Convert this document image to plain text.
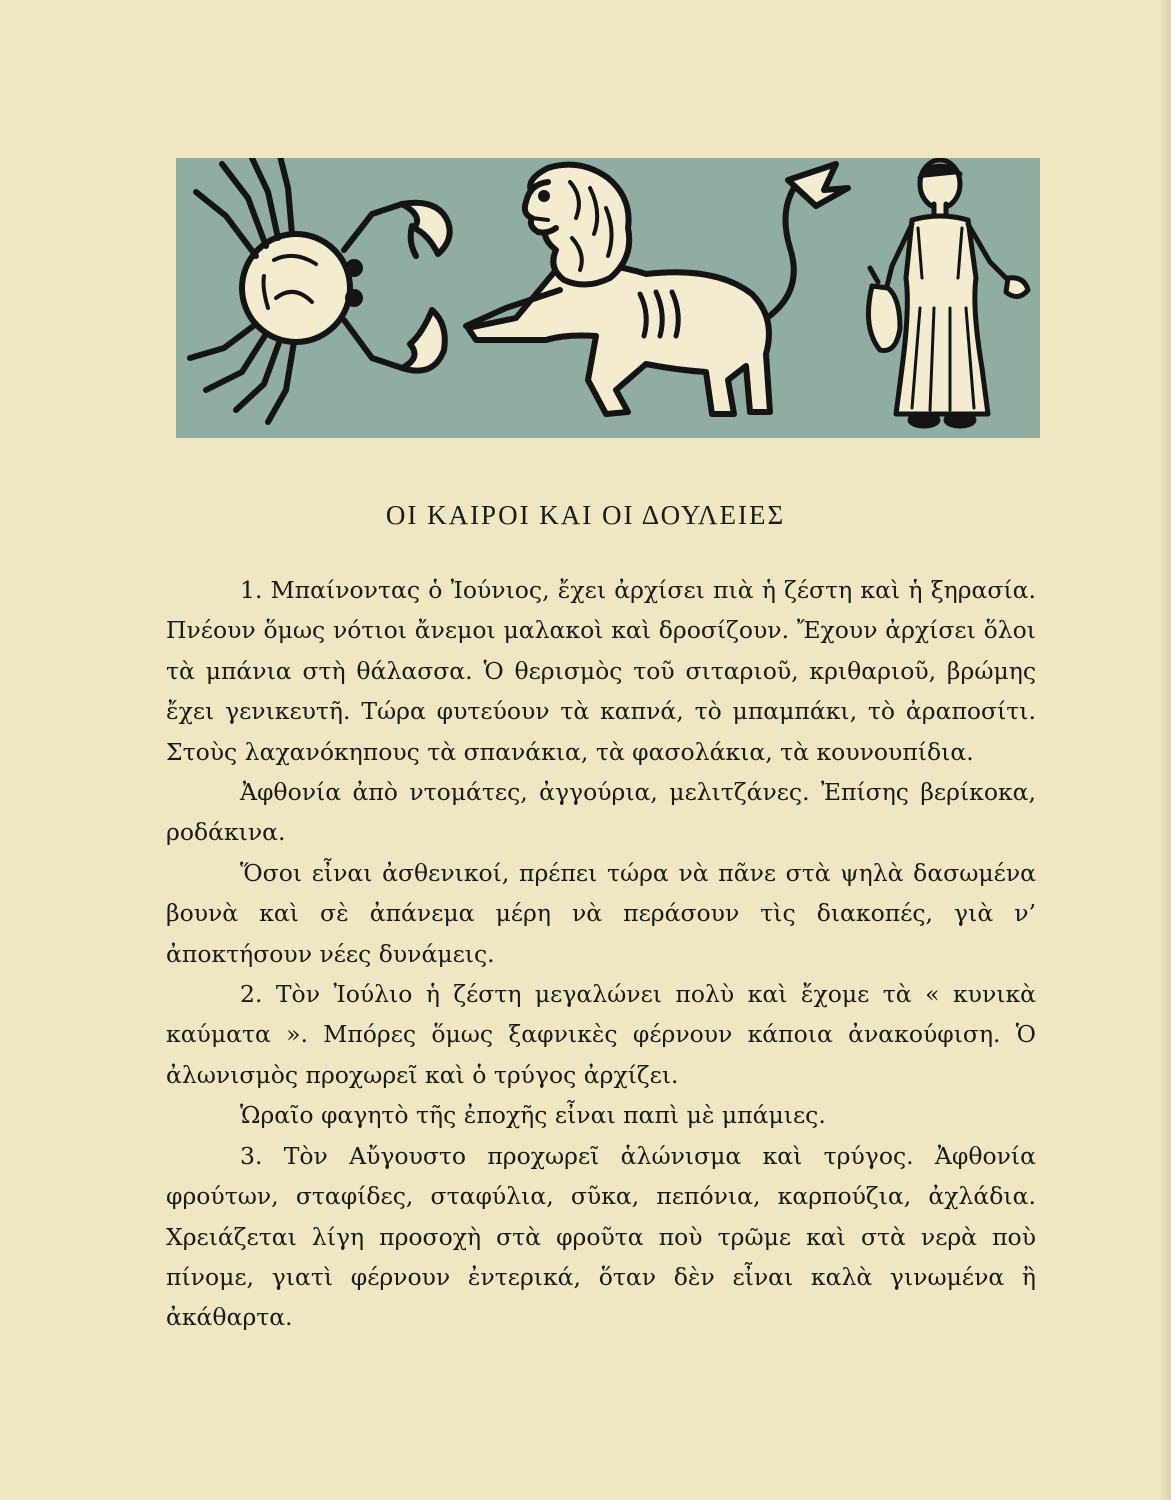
ΟΙ ΚΑΙΡΟΙ ΚΑΙ ΟΙ ΔΟΥΛΕΙΕΣ

1. Μπαίνοντας ὁ Ἰούνιος, ἔχει ἀρχίσει πιὰ ἡ ζέστη καὶ ἡ ξηρασία. Πνέουν ὅμως νότιοι ἄνεμοι μαλακοὶ καὶ δροσίζουν. Ἔχουν ἀρχίσει ὅλοι τὰ μπάνια στὴ θάλασσα. Ὁ θερισμὸς τοῦ σιταριοῦ, κριθαριοῦ, βρώμης ἔχει γενικευτῆ. Τώρα φυτεύουν τὰ καπνά, τὸ μπαμπάκι, τὸ ἀραποσίτι. Στοὺς λαχανόκηπους τὰ σπανάκια, τὰ φασολάκια, τὰ κουνουπίδια.

Ἀφθονία ἀπὸ ντομάτες, ἀγγούρια, μελιτζάνες. Ἐπίσης βερίκοκα, ροδάκινα.

Ὅσοι εἶναι ἀσθενικοί, πρέπει τώρα νὰ πᾶνε στὰ ψηλὰ δασωμένα βουνὰ καὶ σὲ ἀπάνεμα μέρη νὰ περάσουν τὶς διακοπές, γιὰ ν’ ἀποκτήσουν νέες δυνάμεις.

2. Τὸν Ἰούλιο ἡ ζέστη μεγαλώνει πολὺ καὶ ἔχομε τὰ « κυνικὰ καύματα ». Μπόρες ὅμως ξαφνικὲς φέρνουν κάποια ἀνακούφιση. Ὁ ἀλωνισμὸς προχωρεῖ καὶ ὁ τρύγος ἀρχίζει.

Ὡραῖο φαγητὸ τῆς ἐποχῆς εἶναι παπὶ μὲ μπάμιες.

3. Τὸν Αὔγουστο προχωρεῖ ἁλώνισμα καὶ τρύγος. Ἀφθονία φρούτων, σταφίδες, σταφύλια, σῦκα, πεπόνια, καρπούζια, ἀχλάδια. Χρειάζεται λίγη προσοχὴ στὰ φροῦτα ποὺ τρῶμε καὶ στὰ νερὰ ποὺ πίνομε, γιατὶ φέρνουν ἐντερικά, ὅταν δὲν εἶναι καλὰ γινωμένα ἢ ἀκάθαρτα.
